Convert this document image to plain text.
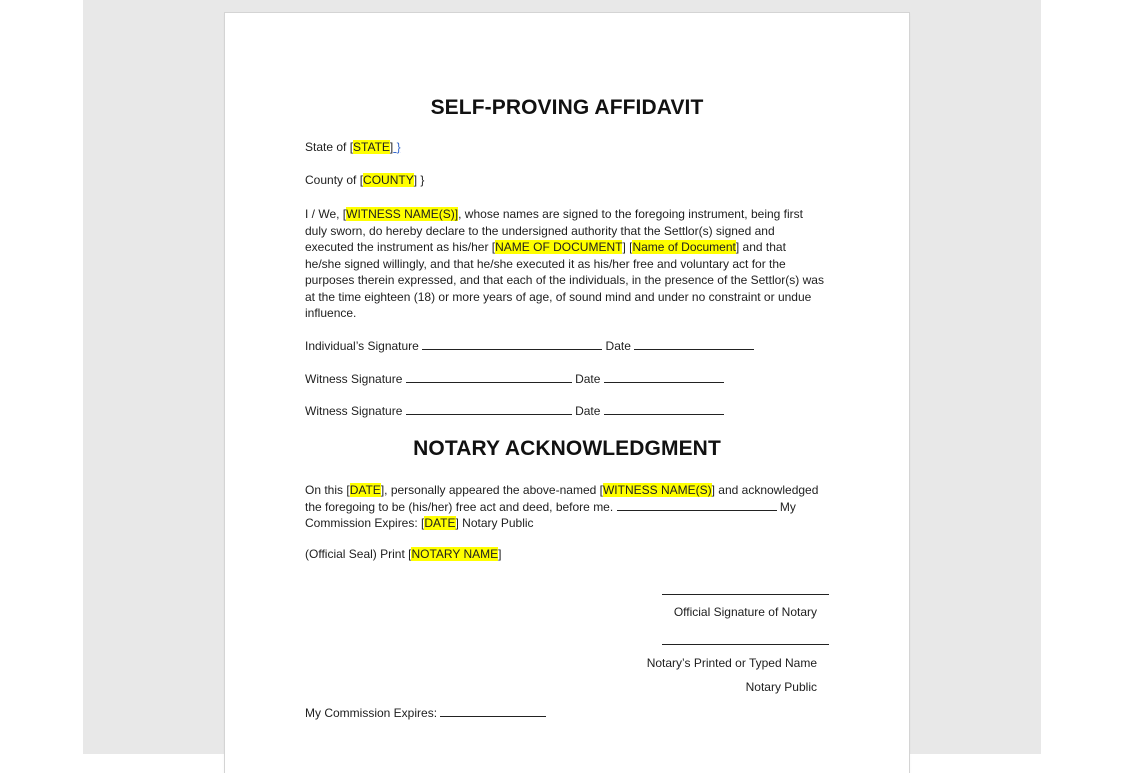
SELF-PROVING AFFIDAVIT
State of [STATE] }
County of [COUNTY] }
I / We, [WITNESS NAME(S)], whose names are signed to the foregoing instrument, being first duly sworn, do hereby declare to the undersigned authority that the Settlor(s) signed and executed the instrument as his/her [NAME OF DOCUMENT] [Name of Document] and that he/she signed willingly, and that he/she executed it as his/her free and voluntary act for the purposes therein expressed, and that each of the individuals, in the presence of the Settlor(s) was at the time eighteen (18) or more years of age, of sound mind and under no constraint or undue influence.
Individual’s Signature	Date
Witness Signature	Date
Witness Signature	Date
NOTARY ACKNOWLEDGMENT
On this [DATE], personally appeared the above-named [WITNESS NAME(S)] and acknowledged the foregoing to be (his/her) free act and deed, before me.	My Commission Expires: [DATE] Notary Public
(Official Seal) Print [NOTARY NAME]
Official Signature of Notary
Notary’s Printed or Typed Name
Notary Public
My Commission Expires:
